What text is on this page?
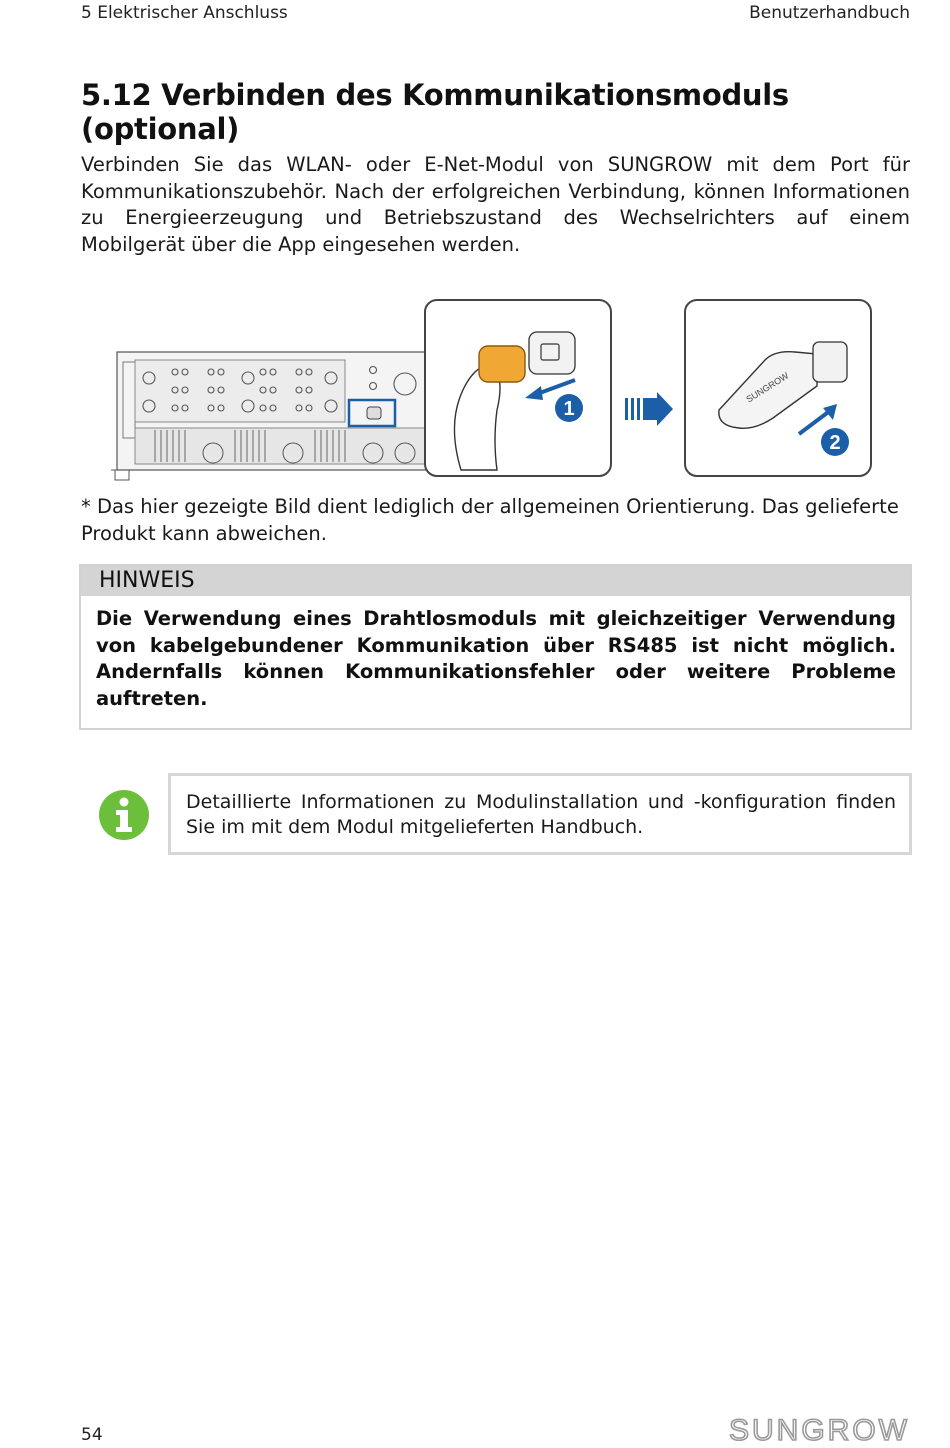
5 Elektrischer Anschluss	Benutzerhandbuch
5.12 Verbinden des Kommunikationsmoduls (optional)

Verbinden Sie das WLAN- oder E-Net-Modul von SUNGROW mit dem Port für Kommunikationszubehör. Nach der erfolgreichen Verbindung, können Informationen zu Energieerzeugung und Betriebszustand des Wechselrichters auf einem Mobilgerät über die App eingesehen werden.

1
SUNGROW
2

* Das hier gezeigte Bild dient lediglich der allgemeinen Orientierung. Das gelieferte Produkt kann abweichen.

HINWEIS
Die Verwendung eines Drahtlosmoduls mit gleichzeitiger Verwendung von kabelgebundener Kommunikation über RS485 ist nicht möglich. Andernfalls können Kommunikationsfehler oder weitere Probleme auftreten.
Detaillierte Informationen zu Modulinstallation und -konfiguration finden Sie im mit dem Modul mitgelieferten Handbuch.
54	SUNGROW
